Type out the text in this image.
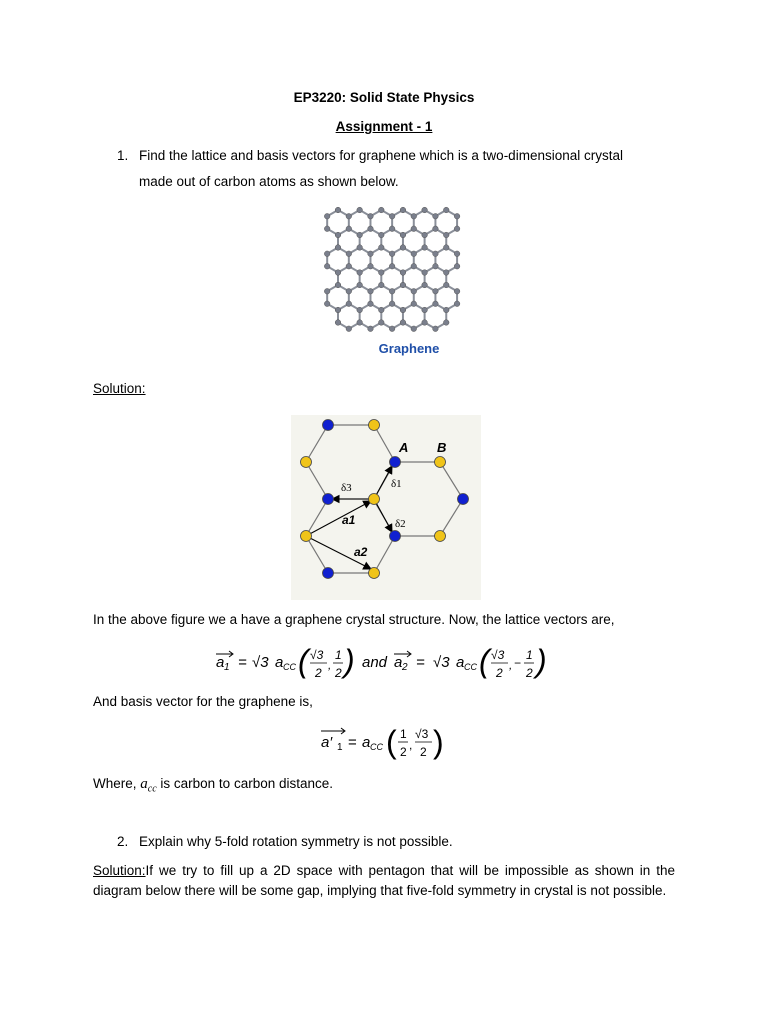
EP3220: Solid State Physics
Assignment - 1
1. Find the lattice and basis vectors for graphene which is a two-dimensional crystal
made out of carbon atoms as shown below.
Graphene
Solution:
A B
δ1
δ2
δ3
a1
a2
In the above figure we a have a graphene crystal structure. Now, the lattice vectors are,
a 1 = √3 a CC ( √3
2
,
1
2 ) and a 2 = √3 a CC ( √3
2
, −
1
2 )
And basis vector for the graphene is,
a′ 1 = a CC ( 1
2 ,
√3
2 )
Where, $a_{cc}$ is carbon to carbon distance.
2. Explain why 5-fold rotation symmetry is not possible.
Solution:If we try to fill up a 2D space with pentagon that will be impossible as shown in the diagram below there will be some gap, implying that five-fold symmetry in crystal is not possible.
